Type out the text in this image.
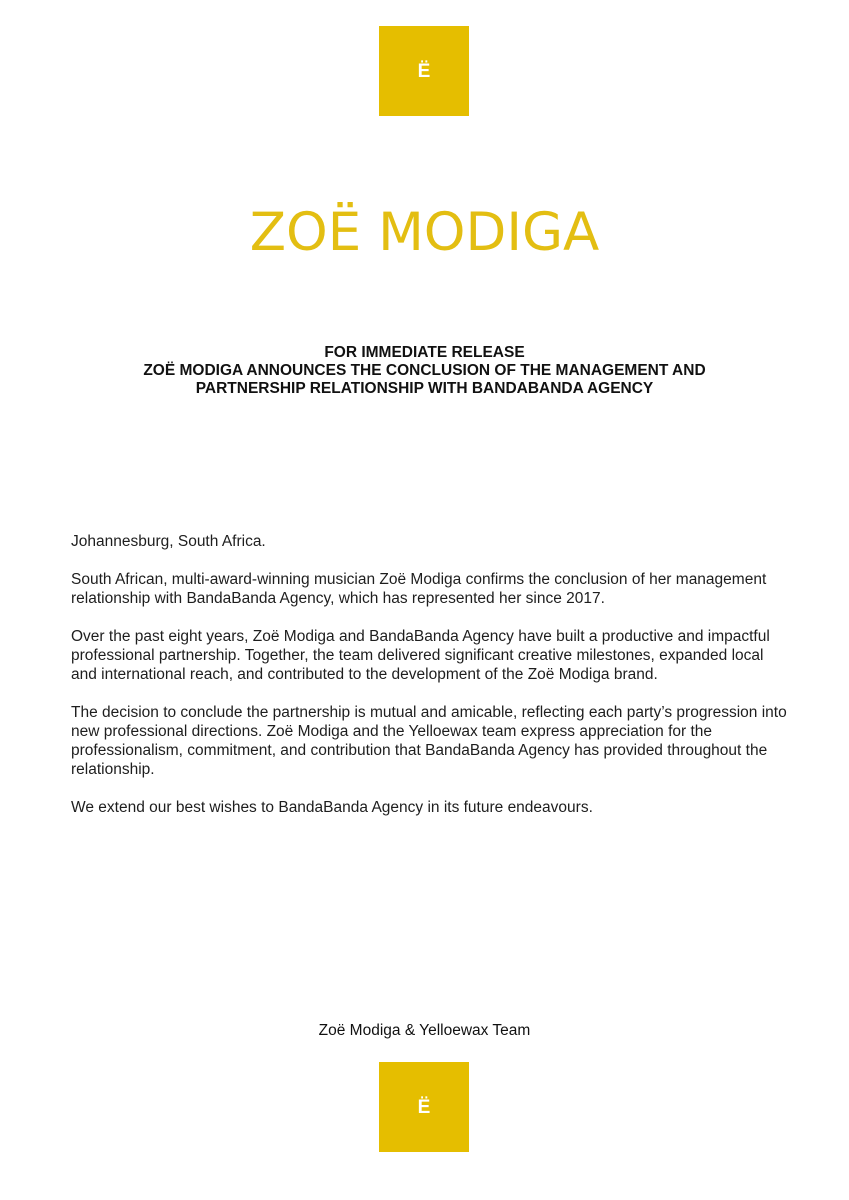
Ë
ZOË MODIGA
FOR IMMEDIATE RELEASE
ZOË MODIGA ANNOUNCES THE CONCLUSION OF THE MANAGEMENT AND
PARTNERSHIP RELATIONSHIP WITH BANDABANDA AGENCY

Johannesburg, South Africa.

South African, multi-award-winning musician Zoë Modiga confirms the conclusion of her management relationship with BandaBanda Agency, which has represented her since 2017.

Over the past eight years, Zoë Modiga and BandaBanda Agency have built a productive and impactful professional partnership. Together, the team delivered significant creative milestones, expanded local and international reach, and contributed to the development of the Zoë Modiga brand.

The decision to conclude the partnership is mutual and amicable, reflecting each party’s progression into new professional directions. Zoë Modiga and the Yelloewax team express appreciation for the professionalism, commitment, and contribution that BandaBanda Agency has provided throughout the relationship.

We extend our best wishes to BandaBanda Agency in its future endeavours.

Zoë Modiga & Yelloewax Team
Ë
